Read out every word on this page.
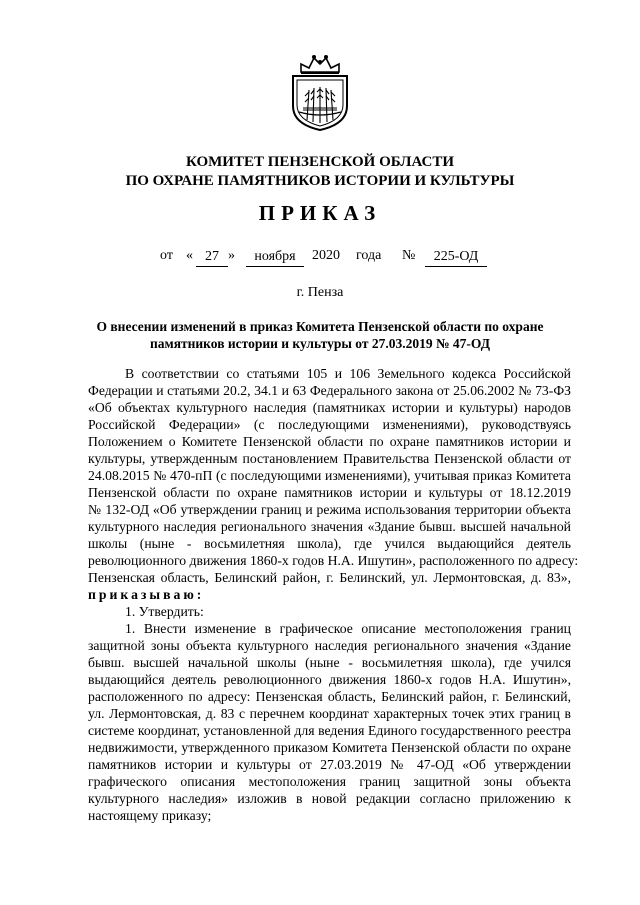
КОМИТЕТ ПЕНЗЕНСКОЙ ОБЛАСТИ
ПО ОХРАНЕ ПАМЯТНИКОВ ИСТОРИИ И КУЛЬТУРЫ
ПРИКАЗ
от « 27 »	ноября	2020 года №	225-ОД
г. Пенза
О внесении изменений в приказ Комитета Пензенской области по охране
памятников истории и культуры от 27.03.2019 № 47-ОД
В соответствии со статьями 105 и 106 Земельного кодекса Российской
Федерации и статьями 20.2, 34.1 и 63 Федерального закона от 25.06.2002 № 73-ФЗ
«Об объектах культурного наследия (памятниках истории и культуры) народов
Российской Федерации» (с последующими изменениями), руководствуясь
Положением о Комитете Пензенской области по охране памятников истории и
культуры, утвержденным постановлением Правительства Пензенской области от
24.08.2015 № 470-пП (с последующими изменениями), учитывая приказ Комитета
Пензенской области по охране памятников истории и культуры от 18.12.2019
№ 132-ОД «Об утверждении границ и режима использования территории объекта
культурного наследия регионального значения «Здание бывш. высшей начальной
школы (ныне - восьмилетняя школа), где учился выдающийся деятель
революционного движения 1860-х годов Н.А. Ишутин», расположенного по адресу:
Пензенская область, Белинский район, г. Белинский, ул. Лермонтовская, д. 83»,
приказываю:
1. Утвердить:
1. Внести изменение в графическое описание местоположения границ
защитной зоны объекта культурного наследия регионального значения «Здание
бывш. высшей начальной школы (ныне - восьмилетняя школа), где учился
выдающийся деятель революционного движения 1860-х годов Н.А. Ишутин»,
расположенного по адресу: Пензенская область, Белинский район, г. Белинский,
ул. Лермонтовская, д. 83 с перечнем координат характерных точек этих границ в
системе координат, установленной для ведения Единого государственного реестра
недвижимости, утвержденного приказом Комитета Пензенской области по охране
памятников истории и культуры от 27.03.2019 № 47-ОД «Об утверждении
графического описания местоположения границ защитной зоны объекта
культурного наследия» изложив в новой редакции согласно приложению к
настоящему приказу;
